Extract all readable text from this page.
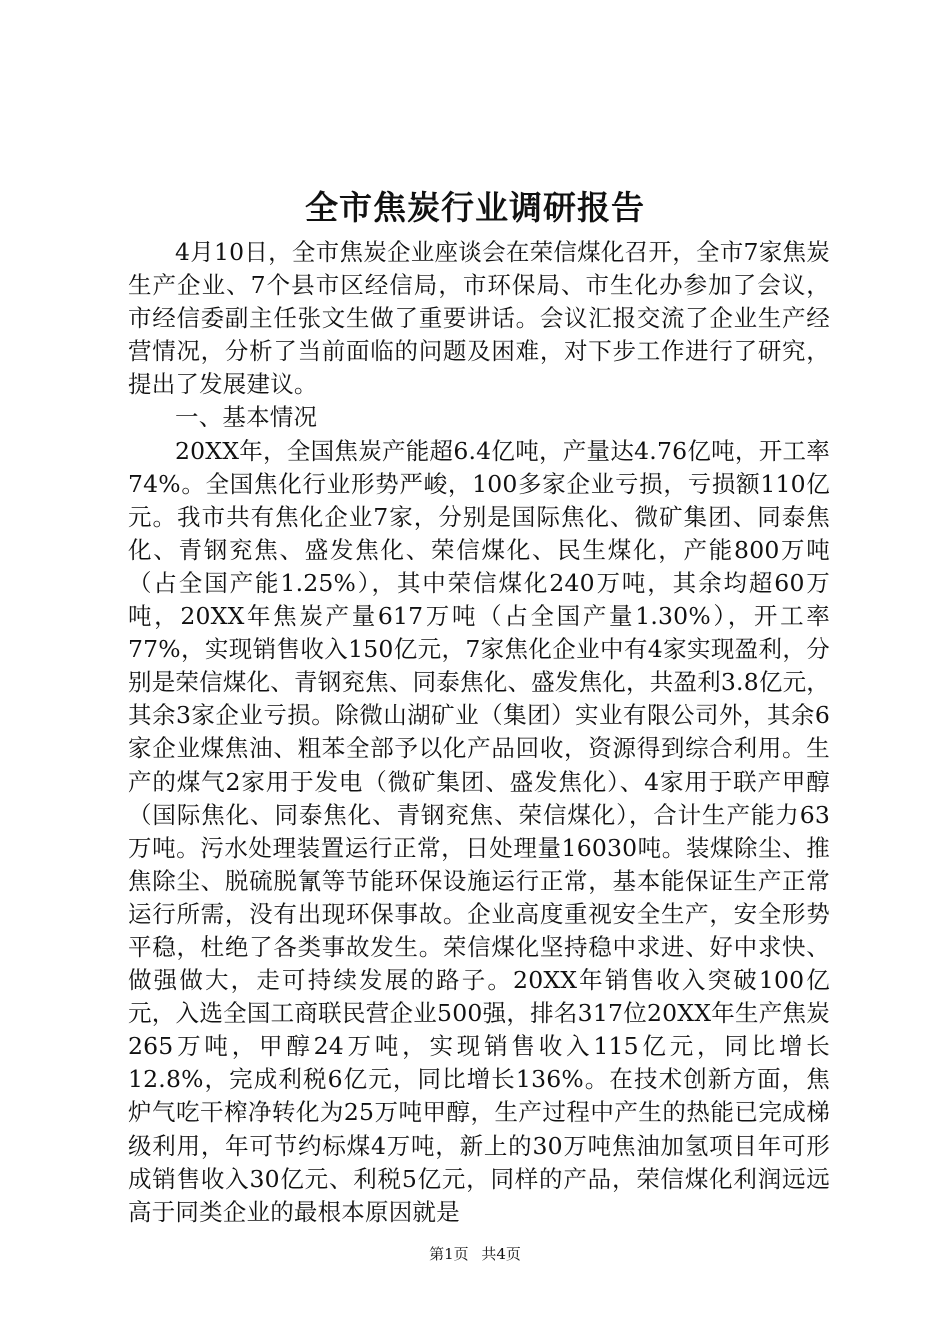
全市焦炭行业调研报告

4月10日，全市焦炭企业座谈会在荣信煤化召开，全市7家焦炭生产企业、7个县市区经信局，市环保局、市生化办参加了会议，市经信委副主任张文生做了重要讲话。会议汇报交流了企业生产经营情况，分析了当前面临的问题及困难，对下步工作进行了研究，提出了发展建议。

一、基本情况

20XX年，全国焦炭产能超6.4亿吨，产量达4.76亿吨，开工率74%。全国焦化行业形势严峻，100多家企业亏损，亏损额110亿元。我市共有焦化企业7家，分别是国际焦化、微矿集团、同泰焦化、青钢兖焦、盛发焦化、荣信煤化、民生煤化，产能800万吨（占全国产能1.25%），其中荣信煤化240万吨，其余均超60万吨，20XX年焦炭产量617万吨（占全国产量1.30%），开工率77%，实现销售收入150亿元，7家焦化企业中有4家实现盈利，分别是荣信煤化、青钢兖焦、同泰焦化、盛发焦化，共盈利3.8亿元，其余3家企业亏损。除微山湖矿业（集团）实业有限公司外，其余6家企业煤焦油、粗苯全部予以化产品回收，资源得到综合利用。生产的煤气2家用于发电（微矿集团、盛发焦化）、4家用于联产甲醇（国际焦化、同泰焦化、青钢兖焦、荣信煤化），合计生产能力63万吨。污水处理装置运行正常，日处理量16030吨。装煤除尘、推焦除尘、脱硫脱氰等节能环保设施运行正常，基本能保证生产正常运行所需，没有出现环保事故。企业高度重视安全生产，安全形势平稳，杜绝了各类事故发生。荣信煤化坚持稳中求进、好中求快、做强做大，走可持续发展的路子。20XX年销售收入突破100亿元，入选全国工商联民营企业500强，排名317位20XX年生产焦炭265万吨，甲醇24万吨，实现销售收入115亿元，同比增长12.8%，完成利税6亿元，同比增长136%。在技术创新方面，焦炉气吃干榨净转化为25万吨甲醇，生产过程中产生的热能已完成梯级利用，年可节约标煤4万吨，新上的30万吨焦油加氢项目年可形成销售收入30亿元、利税5亿元，同样的产品，荣信煤化利润远远高于同类企业的最根本原因就是

第1页 共4页
